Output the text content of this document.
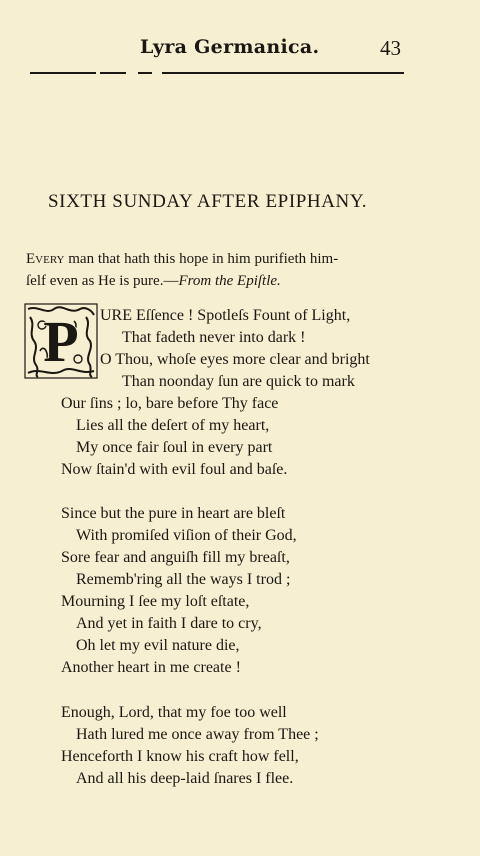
Lyra Germanica.	43
SIXTH SUNDAY AFTER EPIPHANY.
Every man that hath this hope in him purifieth him-
ſelf even as He is pure.—From the Epiſtle.
P URE Eſſence ! Spotleſs Fount of Light,
That fadeth never into dark !
O Thou, whoſe eyes more clear and bright
Than noonday ſun are quick to mark
Our ſins ; lo, bare before Thy face
Lies all the deſert of my heart,
My once fair ſoul in every part
Now ſtain'd with evil foul and baſe.
Since but the pure in heart are bleſt
With promiſed viſion of their God,
Sore fear and anguiſh fill my breaſt,
Rememb'ring all the ways I trod ;
Mourning I ſee my loſt eſtate,
And yet in faith I dare to cry,
Oh let my evil nature die,
Another heart in me create !
Enough, Lord, that my foe too well
Hath lured me once away from Thee ;
Henceforth I know his craft how fell,
And all his deep-laid ſnares I flee.
